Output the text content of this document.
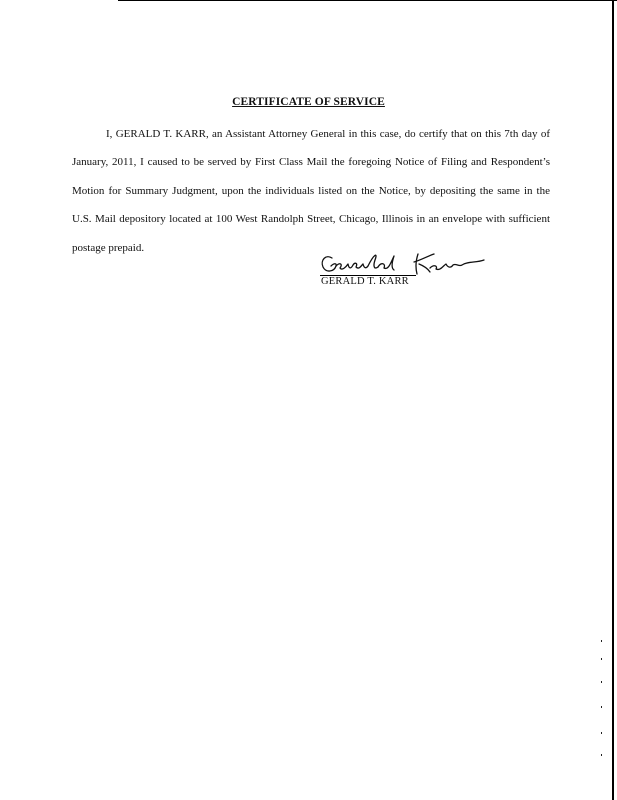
CERTIFICATE OF SERVICE

I, GERALD T. KARR, an Assistant Attorney General in this case, do certify that on this 7th day of January, 2011, I caused to be served by First Class Mail the foregoing Notice of Filing and Respondent’s Motion for Summary Judgment, upon the individuals listed on the Notice, by depositing the same in the U.S. Mail depository located at 100 West Randolph Street, Chicago, Illinois in an envelope with sufficient postage prepaid.

GERALD T. KARR
